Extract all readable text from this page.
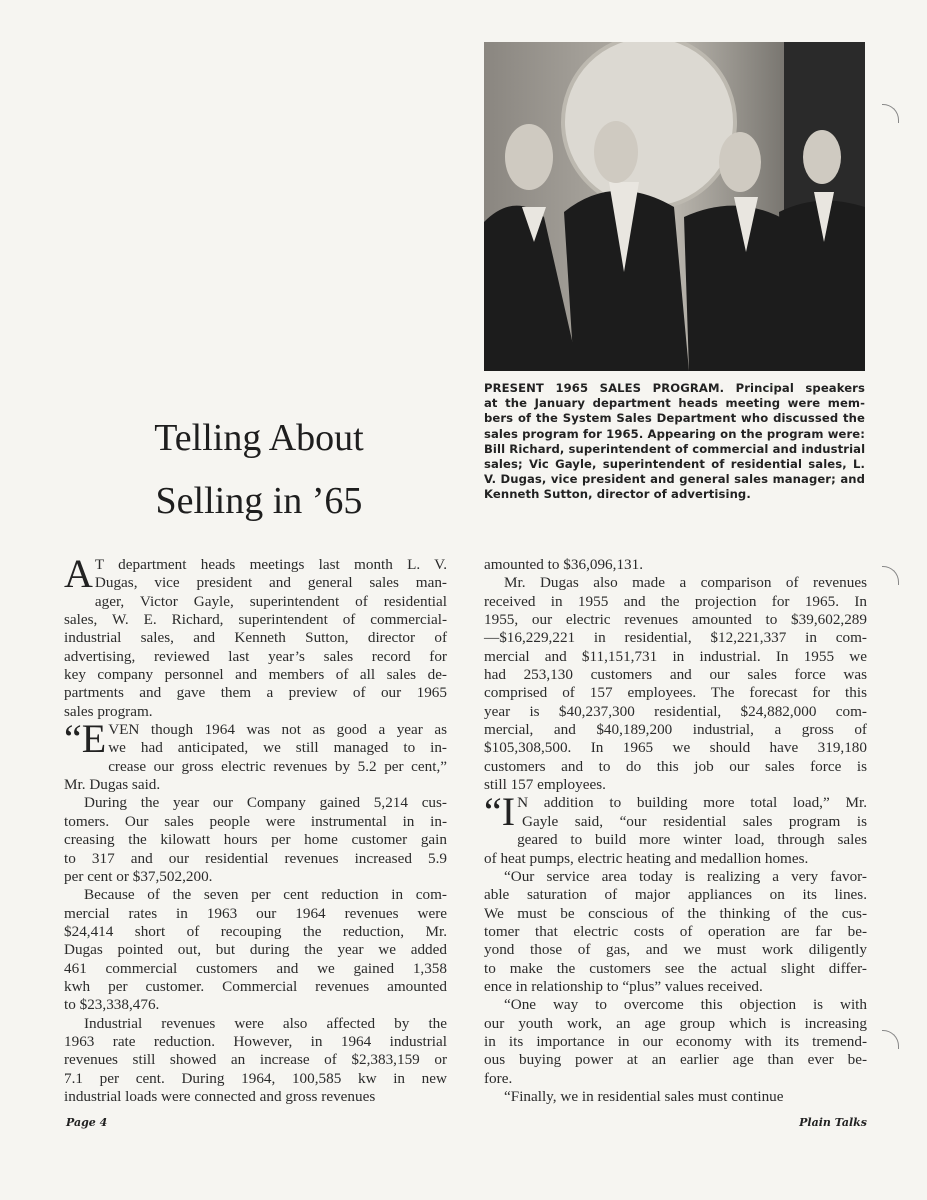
PRESENT 1965 SALES PROGRAM. Principal speakers
at the January department heads meeting were mem-
bers of the System Sales Department who discussed the
sales program for 1965. Appearing on the program were:
Bill Richard, superintendent of commercial and industrial
sales; Vic Gayle, superintendent of residential sales, L.
V. Dugas, vice president and general sales manager; and
Kenneth Sutton, director of advertising.
Telling About
Selling in ’65
A T department heads meetings last month L. V.
Dugas, vice president and general sales man-
ager, Victor Gayle, superintendent of residential
sales, W. E. Richard, superintendent of commercial-
industrial sales, and Kenneth Sutton, director of
advertising, reviewed last year’s sales record for
key company personnel and members of all sales de-
partments and gave them a preview of our 1965
sales program.
“E VEN though 1964 was not as good a year as
we had anticipated, we still managed to in-
crease our gross electric revenues by 5.2 per cent,”
Mr. Dugas said.
During the year our Company gained 5,214 cus-
tomers. Our sales people were instrumental in in-
creasing the kilowatt hours per home customer gain
to 317 and our residential revenues increased 5.9
per cent or $37,502,200.
Because of the seven per cent reduction in com-
mercial rates in 1963 our 1964 revenues were
$24,414 short of recouping the reduction, Mr.
Dugas pointed out, but during the year we added
461 commercial customers and we gained 1,358
kwh per customer. Commercial revenues amounted
to $23,338,476.
Industrial revenues were also affected by the
1963 rate reduction. However, in 1964 industrial
revenues still showed an increase of $2,383,159 or
7.1 per cent. During 1964, 100,585 kw in new
industrial loads were connected and gross revenues
amounted to $36,096,131.
Mr. Dugas also made a comparison of revenues
received in 1955 and the projection for 1965. In
1955, our electric revenues amounted to $39,602,289
—$16,229,221 in residential, $12,221,337 in com-
mercial and $11,151,731 in industrial. In 1955 we
had 253,130 customers and our sales force was
comprised of 157 employees. The forecast for this
year is $40,237,300 residential, $24,882,000 com-
mercial, and $40,189,200 industrial, a gross of
$105,308,500. In 1965 we should have 319,180
customers and to do this job our sales force is
still 157 employees.
“I N addition to building more total load,” Mr.
Gayle said, “our residential sales program is
geared to build more winter load, through sales
of heat pumps, electric heating and medallion homes.
“Our service area today is realizing a very favor-
able saturation of major appliances on its lines.
We must be conscious of the thinking of the cus-
tomer that electric costs of operation are far be-
yond those of gas, and we must work diligently
to make the customers see the actual slight differ-
ence in relationship to “plus” values received.
“One way to overcome this objection is with
our youth work, an age group which is increasing
in its importance in our economy with its tremend-
ous buying power at an earlier age than ever be-
fore.
“Finally, we in residential sales must continue
Page 4	Plain Talks
